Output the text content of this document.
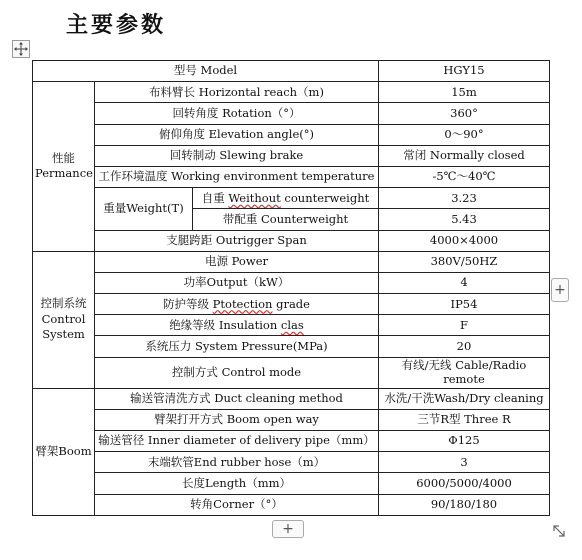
主要参数
型号 Model			HGY15
性能
Permance	布料臂长 Horizontal reach（m)		15m
	回转角度 Rotation（°）		360°
	俯仰角度 Elevation angle(°)		0～90°
	回转制动 Slewing brake		常闭 Normally closed
	工作环境温度 Working environment temperature		-5℃～40℃
	重量Weight(T)	自重 Weithout counterweight	3.23
		带配重 Counterweight	5.43
	支腿跨距 Outrigger Span		4000×4000
控制系统
Control
System	电源 Power		380V/50HZ
	功率Output（kW）		4
	防护等级 Ptotection grade		IP54
	绝缘等级 Insulation clas		F
	系统压力 System Pressure(MPa)		20
	控制方式 Control mode		有线/无线 Cable/Radio remote
臂架Boom	输送管清洗方式 Duct cleaning method		水洗/干洗Wash/Dry cleaning
	臂架打开方式 Boom open way		三节R型 Three R
	输送管径 Inner diameter of delivery pipe（mm）		Φ125
	末端软管End rubber hose（m）		3
	长度Length（mm）		6000/5000/4000
	转角Corner（°）		90/180/180
+
+
